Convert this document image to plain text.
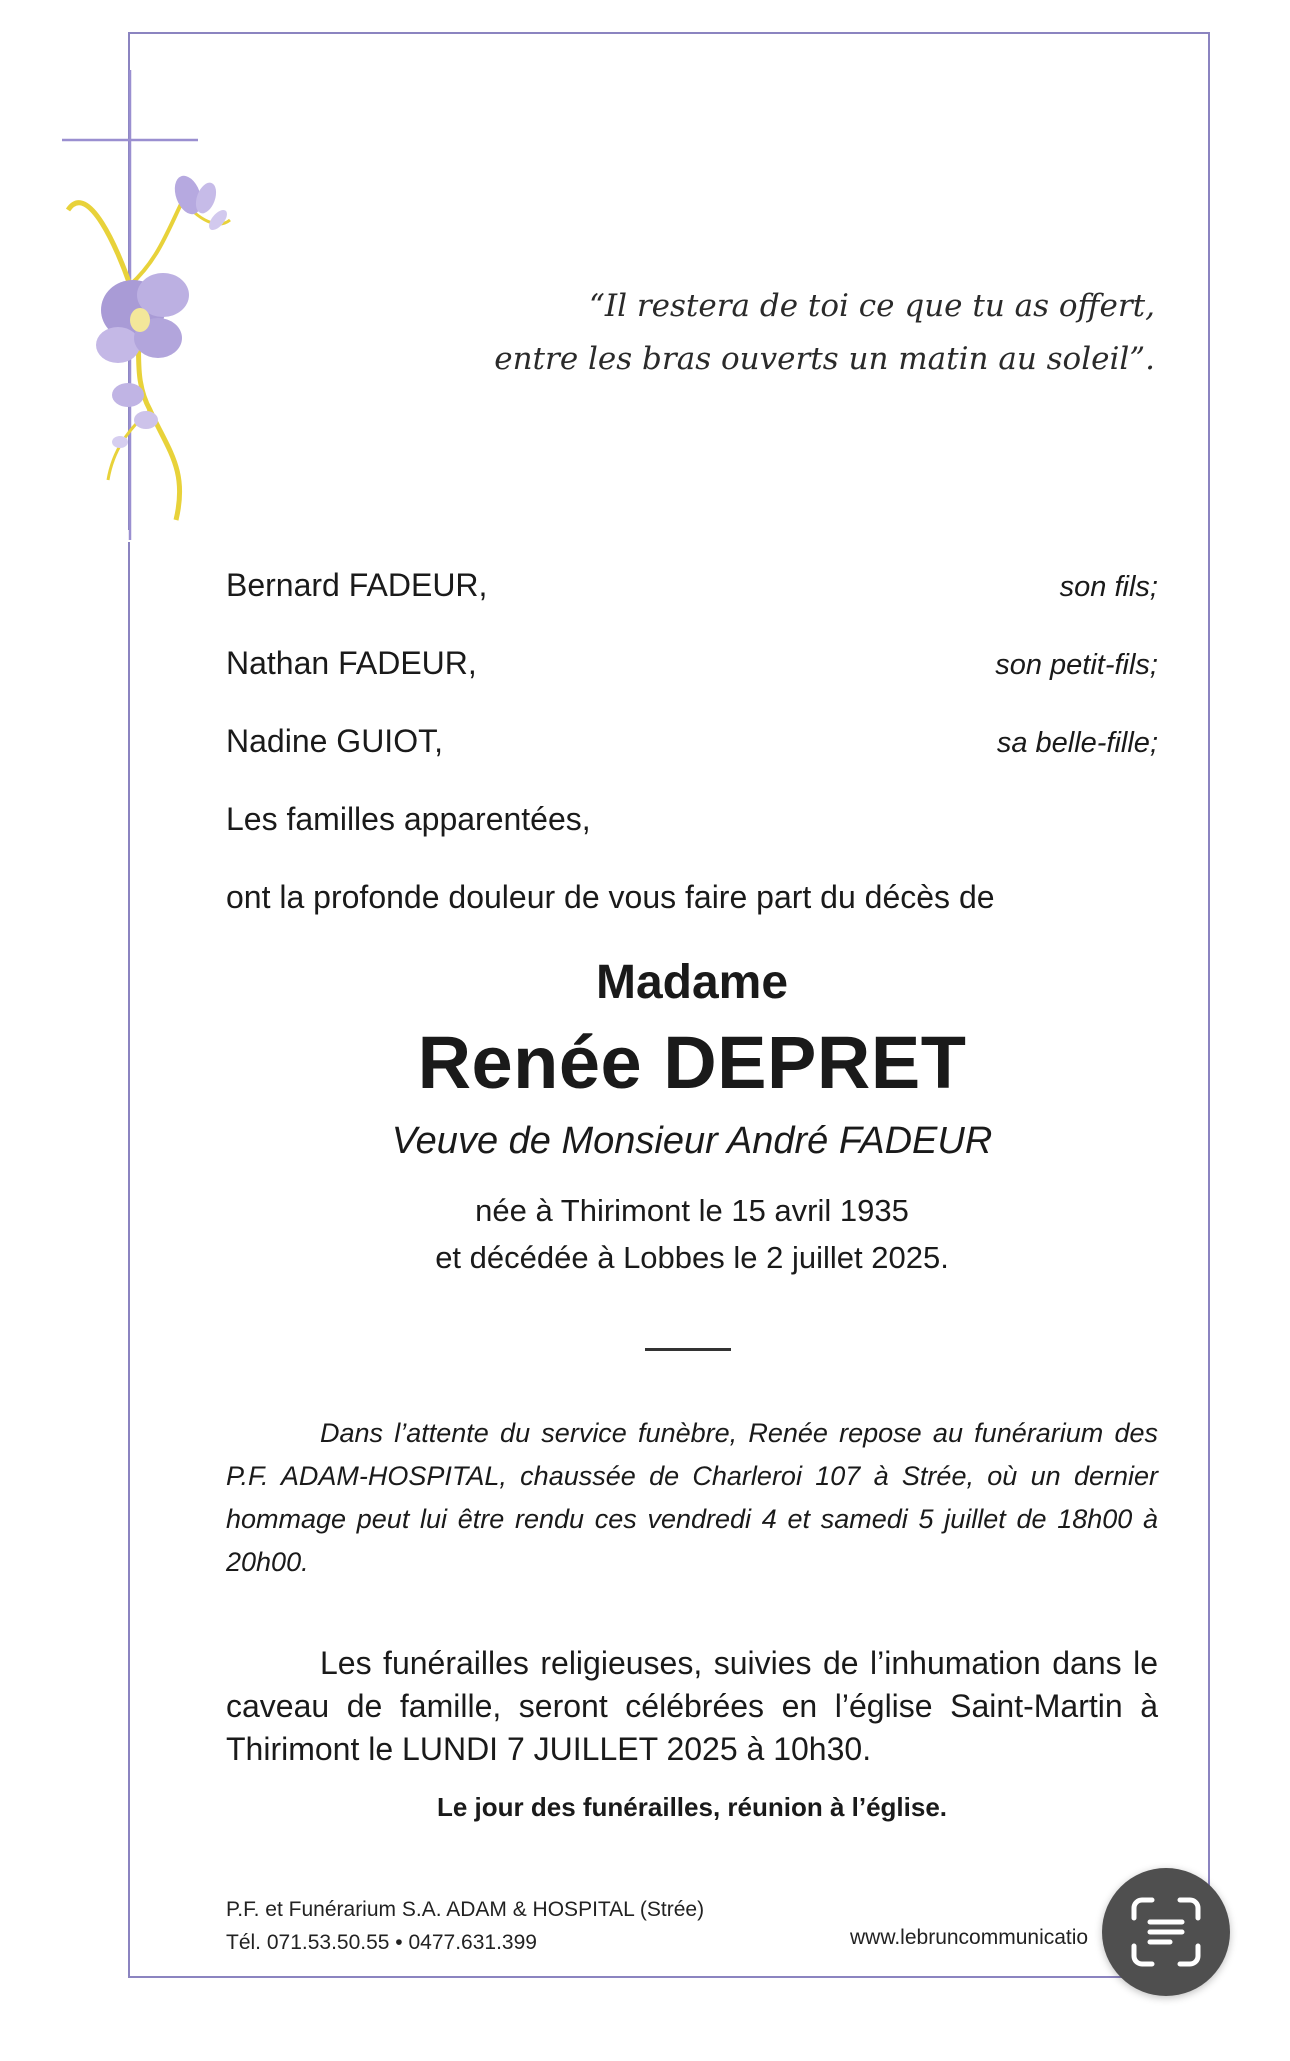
“Il restera de toi ce que tu as offert,
entre les bras ouverts un matin au soleil”.
Bernard FADEUR,	son fils;
Nathan FADEUR,	son petit-fils;
Nadine GUIOT,	sa belle-fille;
Les familles apparentées,
ont la profonde douleur de vous faire part du décès de
Madame
Renée DEPRET
Veuve de Monsieur André FADEUR
née à Thirimont le 15 avril 1935
et décédée à Lobbes le 2 juillet 2025.
Dans l’attente du service funèbre, Renée repose au funérarium des P.F. ADAM-HOSPITAL, chaussée de Charleroi 107 à Strée, où un dernier hommage peut lui être rendu ces vendredi 4 et samedi 5 juillet de 18h00 à 20h00.
Les funérailles religieuses, suivies de l’inhumation dans le caveau de famille, seront célébrées en l’église Saint-Martin à Thirimont le LUNDI 7 JUILLET 2025 à 10h30.
Le jour des funérailles, réunion à l’église.
P.F. et Funérarium S.A. ADAM & HOSPITAL (Strée)
Tél. 071.53.50.55 • 0477.631.399	www.lebruncommunicatio
